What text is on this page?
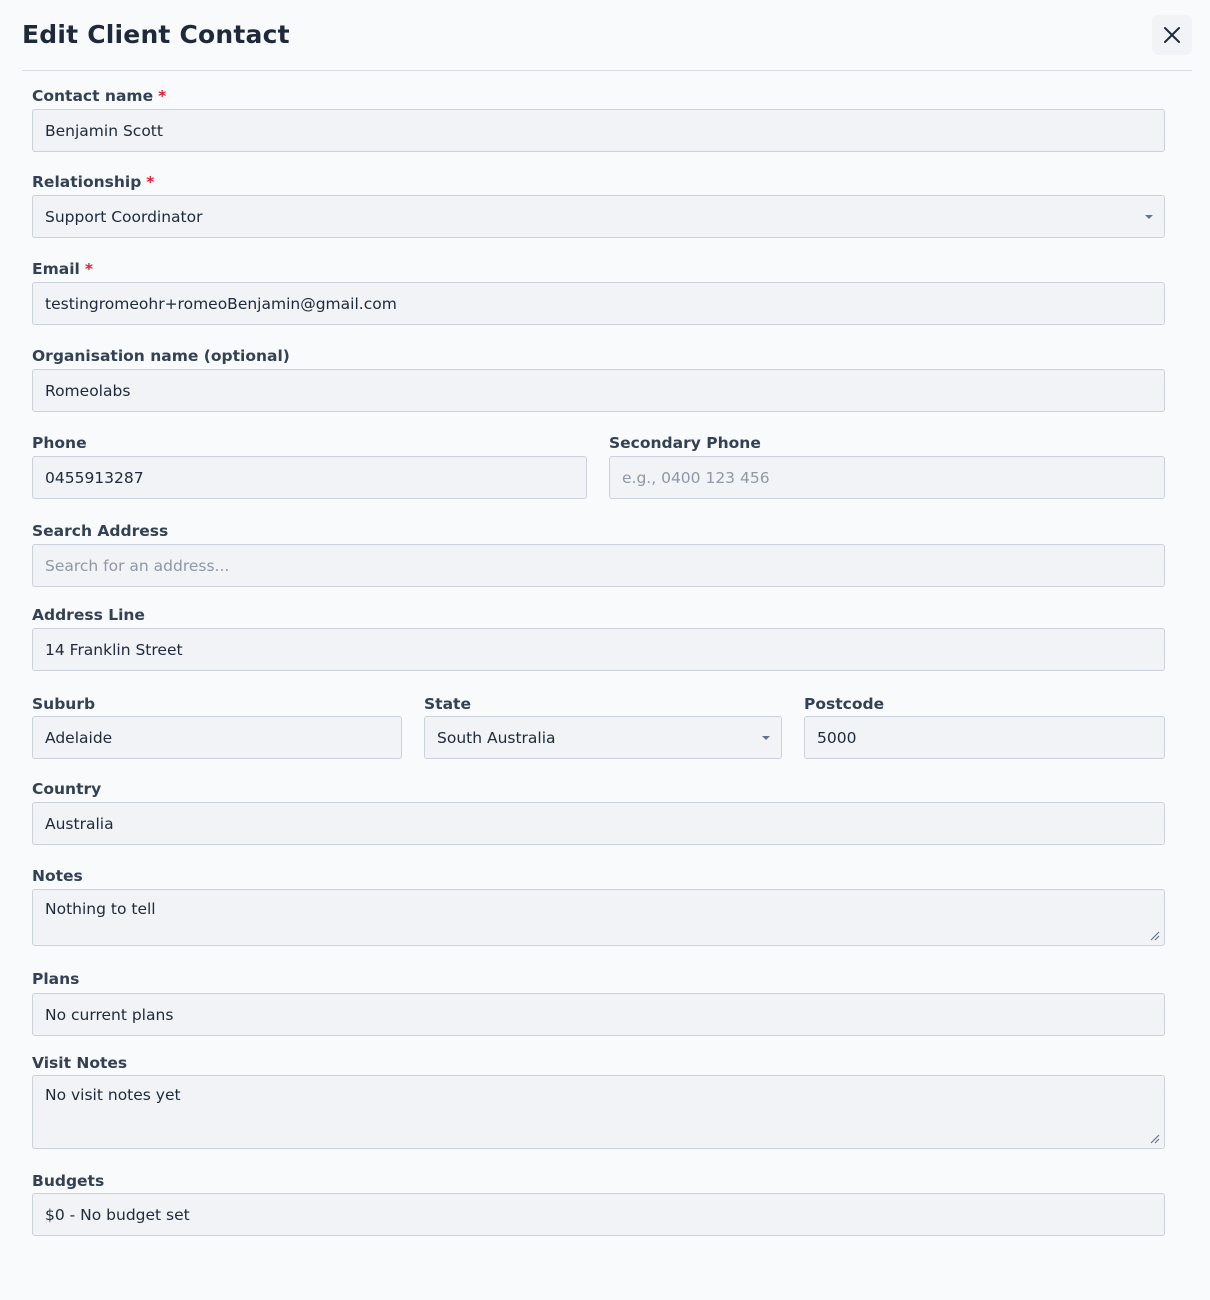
Edit Client Contact
Contact name *
Benjamin Scott
Relationship *
Support Coordinator
Email *
testingromeohr+romeoBenjamin@gmail.com
Organisation name (optional)
Romeolabs
Phone
0455913287
Secondary Phone
e.g., 0400 123 456
Search Address
Search for an address...
Address Line
14 Franklin Street
Suburb
Adelaide
State
South Australia
Postcode
5000
Country
Australia
Notes
Nothing to tell
Plans
No current plans
Visit Notes
No visit notes yet
Budgets
$0 - No budget set
